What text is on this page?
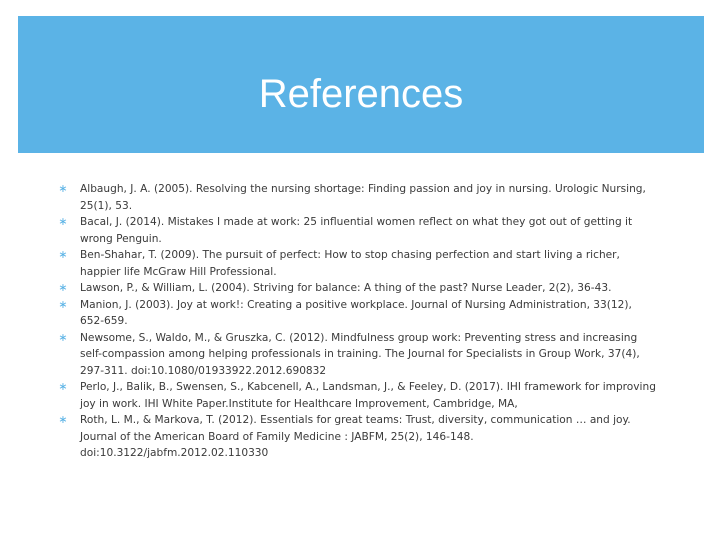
References
∗ Albaugh, J. A. (2005). Resolving the nursing shortage: Finding passion and joy in nursing. Urologic Nursing, 25(1), 53.
∗ Bacal, J. (2014). Mistakes I made at work: 25 influential women reflect on what they got out of getting it wrong Penguin.
∗ Ben-Shahar, T. (2009). The pursuit of perfect: How to stop chasing perfection and start living a richer, happier life McGraw Hill Professional.
∗ Lawson, P., & William, L. (2004). Striving for balance: A thing of the past? Nurse Leader, 2(2), 36-43.
∗ Manion, J. (2003). Joy at work!: Creating a positive workplace. Journal of Nursing Administration, 33(12), 652-659.
∗ Newsome, S., Waldo, M., & Gruszka, C. (2012). Mindfulness group work: Preventing stress and increasing self-compassion among helping professionals in training. The Journal for Specialists in Group Work, 37(4), 297-311. doi:10.1080/01933922.2012.690832
∗ Perlo, J., Balik, B., Swensen, S., Kabcenell, A., Landsman, J., & Feeley, D. (2017). IHI framework for improving joy in work. IHI White Paper.Institute for Healthcare Improvement, Cambridge, MA,
∗ Roth, L. M., & Markova, T. (2012). Essentials for great teams: Trust, diversity, communication … and joy. Journal of the American Board of Family Medicine : JABFM, 25(2), 146-148. doi:10.3122/jabfm.2012.02.110330
